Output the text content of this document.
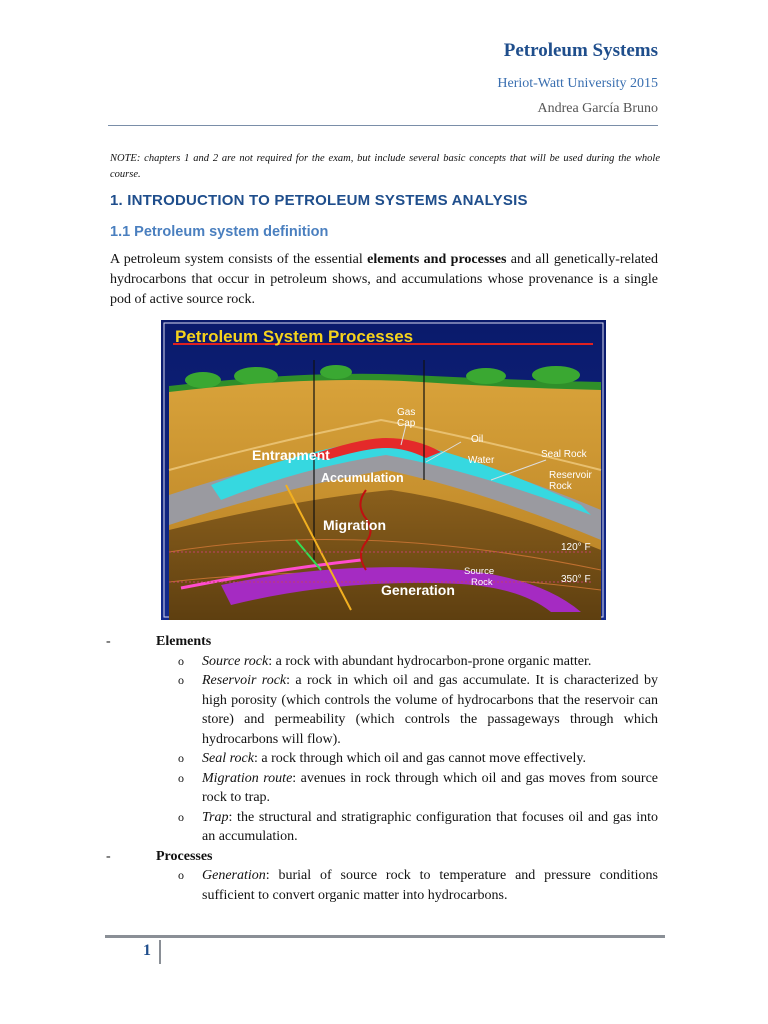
Petroleum Systems
Heriot-Watt University 2015
Andrea García Bruno
NOTE: chapters 1 and 2 are not required for the exam, but include several basic concepts that will be used during the whole course.
1. INTRODUCTION TO PETROLEUM SYSTEMS ANALYSIS
1.1 Petroleum system definition
A petroleum system consists of the essential elements and processes and all genetically-related hydrocarbons that occur in petroleum shows, and accumulations whose provenance is a single pod of active source rock.
Petroleum System Processes
Entrapment
Accumulation
Migration
Generation
Gas
Cap
Oil
Water
Seal Rock
Reservoir
Rock
Source
Rock
120° F
350° F
-	Elements
o	Source rock: a rock with abundant hydrocarbon-prone organic matter.
o	Reservoir rock: a rock in which oil and gas accumulate. It is characterized by high porosity (which controls the volume of hydrocarbons that the reservoir can store) and permeability (which controls the passageways through which hydrocarbons will flow).
o	Seal rock: a rock through which oil and gas cannot move effectively.
o	Migration route: avenues in rock through which oil and gas moves from source rock to trap.
o	Trap: the structural and stratigraphic configuration that focuses oil and gas into an accumulation.
-	Processes
o	Generation: burial of source rock to temperature and pressure conditions sufficient to convert organic matter into hydrocarbons.
1
